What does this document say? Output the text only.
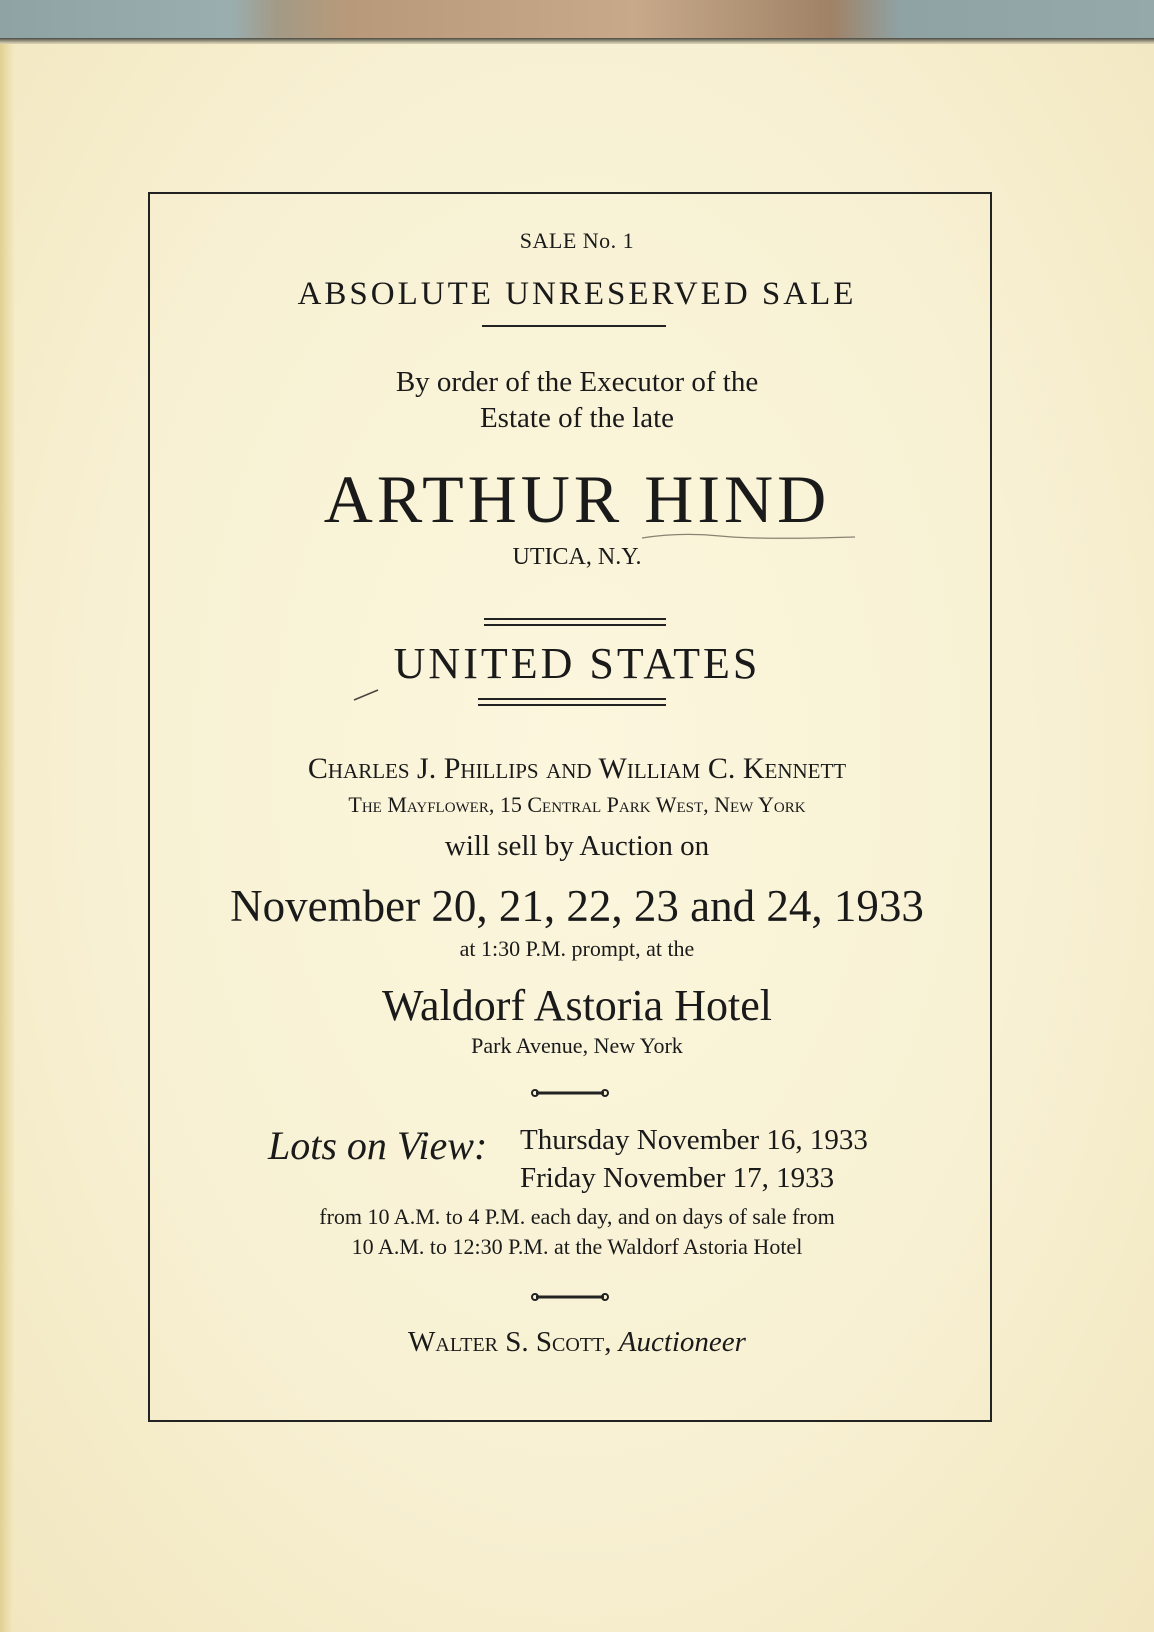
SALE No. 1
ABSOLUTE UNRESERVED SALE
By order of the Executor of the
Estate of the late
ARTHUR HIND
UTICA, N.Y.
UNITED STATES
Charles J. Phillips and William C. Kennett
The Mayflower, 15 Central Park West, New York
will sell by Auction on
November 20, 21, 22, 23 and 24, 1933
at 1:30 P.M. prompt, at the
Waldorf Astoria Hotel
Park Avenue, New York
Lots on View: Thursday November 16, 1933
Friday November 17, 1933
from 10 A.M. to 4 P.M. each day, and on days of sale from
10 A.M. to 12:30 P.M. at the Waldorf Astoria Hotel
Walter S. Scott, Auctioneer
